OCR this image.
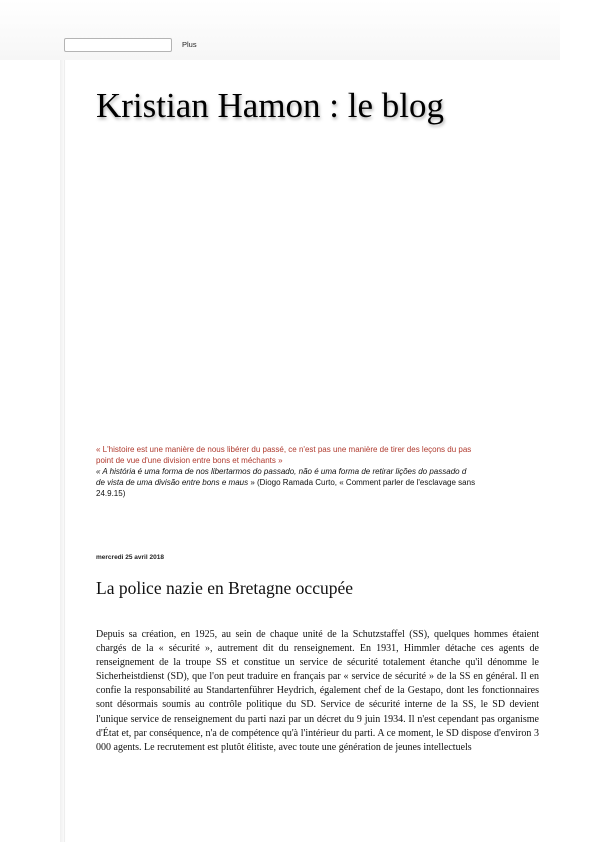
Plus
Kristian Hamon : le blog
« L'histoire est une manière de nous libérer du passé, ce n'est pas une manière de tirer des leçons du pas
point de vue d'une division entre bons et méchants »
« A história é uma forma de nos libertarmos do passado, não é uma forma de retirar lições do passado d
de vista de uma divisão entre bons e maus » (Diogo Ramada Curto, « Comment parler de l'esclavage sans
24.9.15)
mercredi 25 avril 2018
La police nazie en Bretagne occupée

Depuis sa création, en 1925, au sein de chaque unité de la Schutzstaffel (SS), quelques hommes étaient chargés de la « sécurité », autrement dit du renseignement. En 1931, Himmler détache ces agents de renseignement de la troupe SS et constitue un service de sécurité totalement étanche qu'il dénomme le Sicherheistdienst (SD), que l'on peut traduire en français par « service de sécurité » de la SS en général. Il en confie la responsabilité au Standartenführer Heydrich, également chef de la Gestapo, dont les fonctionnaires sont désormais soumis au contrôle politique du SD. Service de sécurité interne de la SS, le SD devient l'unique service de renseignement du parti nazi par un décret du 9 juin 1934. Il n'est cependant pas organisme d'État et, par conséquence, n'a de compétence qu'à l'intérieur du parti. A ce moment, le SD dispose d'environ 3 000 agents. Le recrutement est plutôt élitiste, avec toute une génération de jeunes intellectuels
